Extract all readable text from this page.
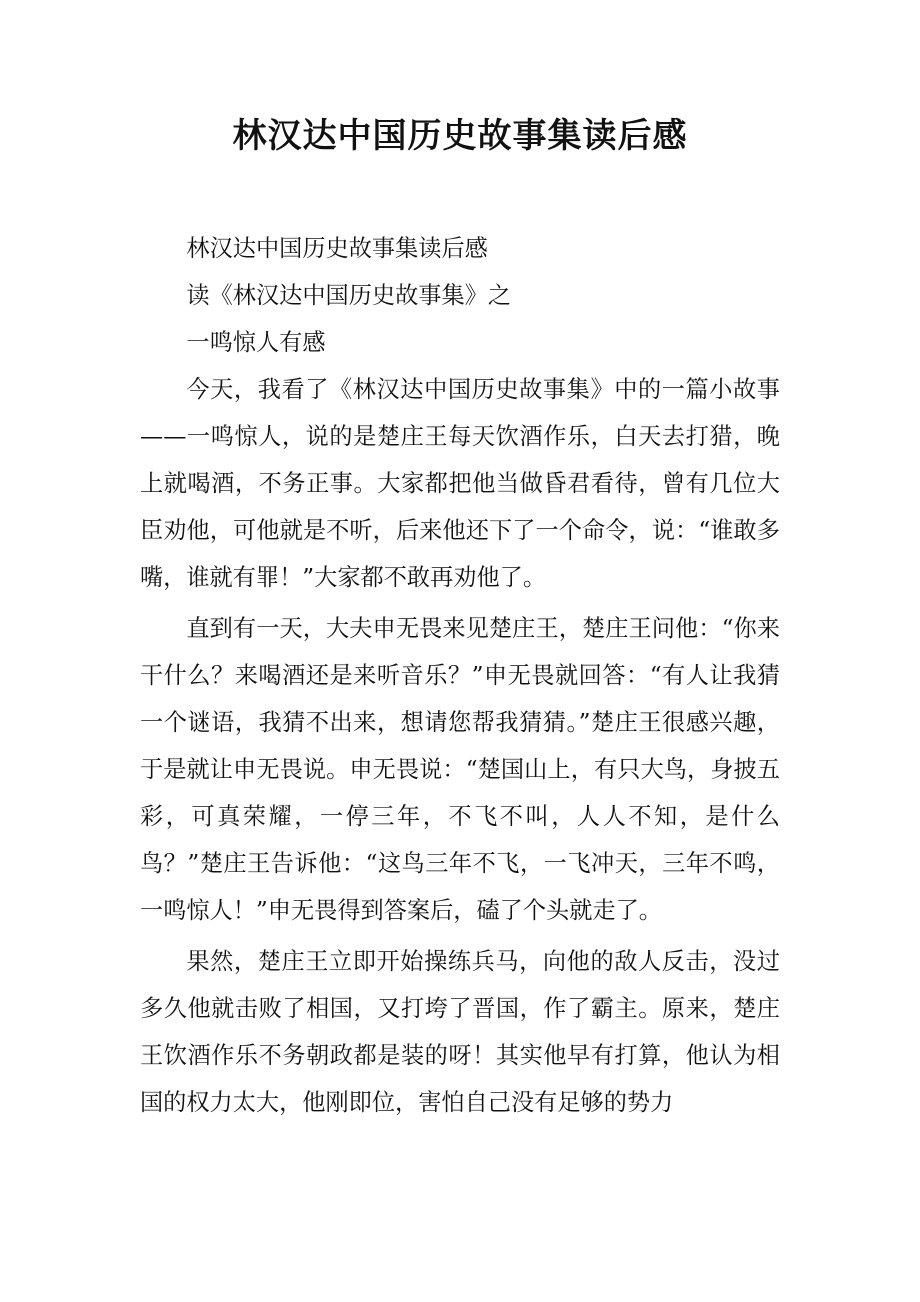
林汉达中国历史故事集读后感

林汉达中国历史故事集读后感

读《林汉达中国历史故事集》之

一鸣惊人有感

今天，我看了《林汉达中国历史故事集》中的一篇小故事——一鸣惊人，说的是楚庄王每天饮酒作乐，白天去打猎，晚上就喝酒，不务正事。大家都把他当做昏君看待，曾有几位大臣劝他，可他就是不听，后来他还下了一个命令，说：“谁敢多嘴，谁就有罪！”大家都不敢再劝他了。

直到有一天，大夫申无畏来见楚庄王，楚庄王问他：“你来干什么？来喝酒还是来听音乐？”申无畏就回答：“有人让我猜一个谜语，我猜不出来，想请您帮我猜猜。”楚庄王很感兴趣，于是就让申无畏说。申无畏说：“楚国山上，有只大鸟，身披五彩，可真荣耀，一停三年，不飞不叫，人人不知，是什么鸟？”楚庄王告诉他：“这鸟三年不飞，一飞冲天，三年不鸣，一鸣惊人！”申无畏得到答案后，磕了个头就走了。

果然，楚庄王立即开始操练兵马，向他的敌人反击，没过多久他就击败了相国，又打垮了晋国，作了霸主。原来，楚庄王饮酒作乐不务朝政都是装的呀！其实他早有打算，他认为相国的权力太大，他刚即位，害怕自己没有足够的势力
